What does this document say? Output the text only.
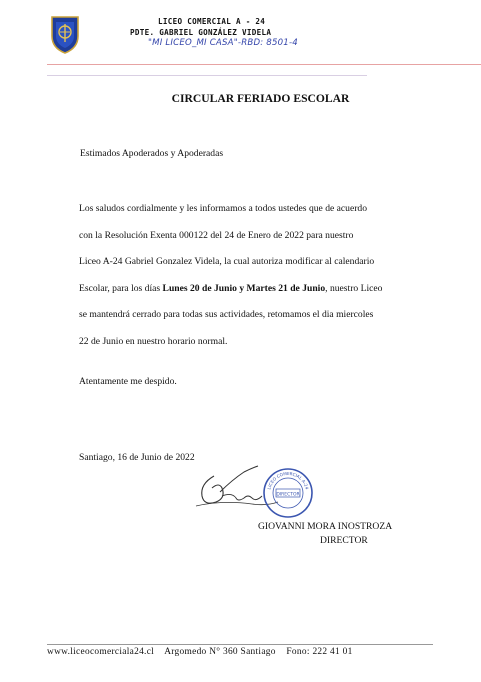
LICEO COMERCIAL A - 24
PDTE. GABRIEL GONZÁLEZ VIDELA
"MI LICEO_MI CASA"-RBD: 8501-4
CIRCULAR FERIADO ESCOLAR
Estimados Apoderados y Apoderadas
Los saludos cordialmente y les informamos a todos ustedes que de acuerdo
con la Resolución Exenta 000122 del 24 de Enero de 2022 para nuestro
Liceo A-24 Gabriel Gonzalez Videla, la cual autoriza modificar al calendario
Escolar, para los días Lunes 20 de Junio y Martes 21 de Junio, nuestro Liceo
se mantendrá cerrado para todas sus actividades, retomamos el dia miercoles
22 de Junio en nuestro horario normal.
Atentamente me despido.
Santiago, 16 de Junio de 2022
DIRECTOR
LICEO COMERCIAL A-24
GIOVANNI MORA INOSTROZA
DIRECTOR
www.liceocomerciala24.cl Argomedo N° 360 Santiago Fono: 222 41 01
